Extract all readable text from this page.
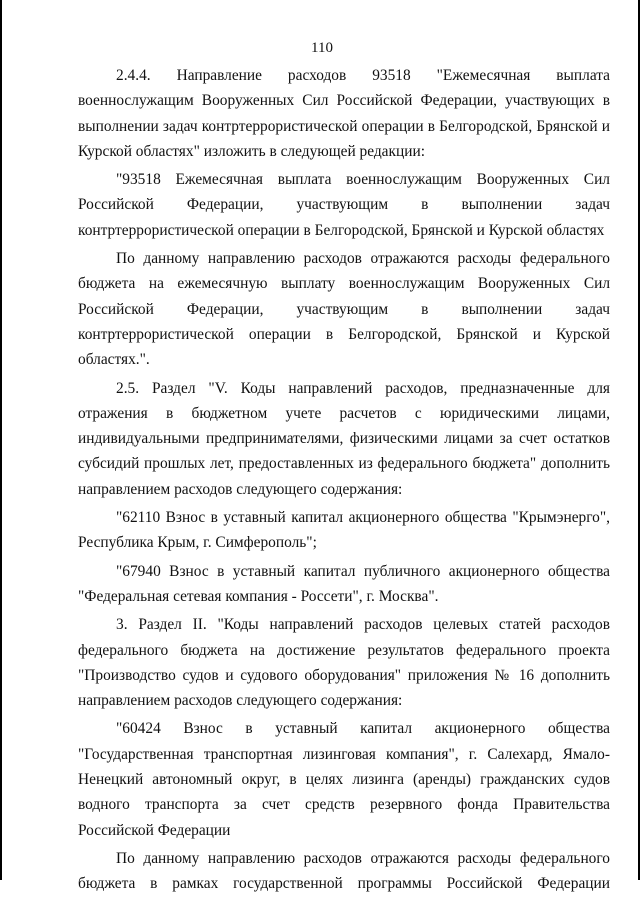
110

2.4.4. Направление расходов 93518 "Ежемесячная выплата военнослужащим Вооруженных Сил Российской Федерации, участвующих в выполнении задач контртеррористической операции в Белгородской, Брянской и Курской областях" изложить в следующей редакции:

"93518 Ежемесячная выплата военнослужащим Вооруженных Сил Российской Федерации, участвующим в выполнении задач контртеррористической операции в Белгородской, Брянской и Курской областях

По данному направлению расходов отражаются расходы федерального бюджета на ежемесячную выплату военнослужащим Вооруженных Сил Российской Федерации, участвующим в выполнении задач контртеррористической операции в Белгородской, Брянской и Курской областях.".

2.5. Раздел "V. Коды направлений расходов, предназначенные для отражения в бюджетном учете расчетов с юридическими лицами, индивидуальными предпринимателями, физическими лицами за счет остатков субсидий прошлых лет, предоставленных из федерального бюджета" дополнить направлением расходов следующего содержания:

"62110 Взнос в уставный капитал акционерного общества "Крымэнерго", Республика Крым, г. Симферополь";

"67940 Взнос в уставный капитал публичного акционерного общества "Федеральная сетевая компания - Россети", г. Москва".

3. Раздел II. "Коды направлений расходов целевых статей расходов федерального бюджета на достижение результатов федерального проекта "Производство судов и судового оборудования" приложения № 16 дополнить направлением расходов следующего содержания:

"60424 Взнос в уставный капитал акционерного общества "Государственная транспортная лизинговая компания", г. Салехард, Ямало-Ненецкий автономный округ, в целях лизинга (аренды) гражданских судов водного транспорта за счет средств резервного фонда Правительства Российской Федерации

По данному направлению расходов отражаются расходы федерального бюджета в рамках государственной программы Российской Федерации
